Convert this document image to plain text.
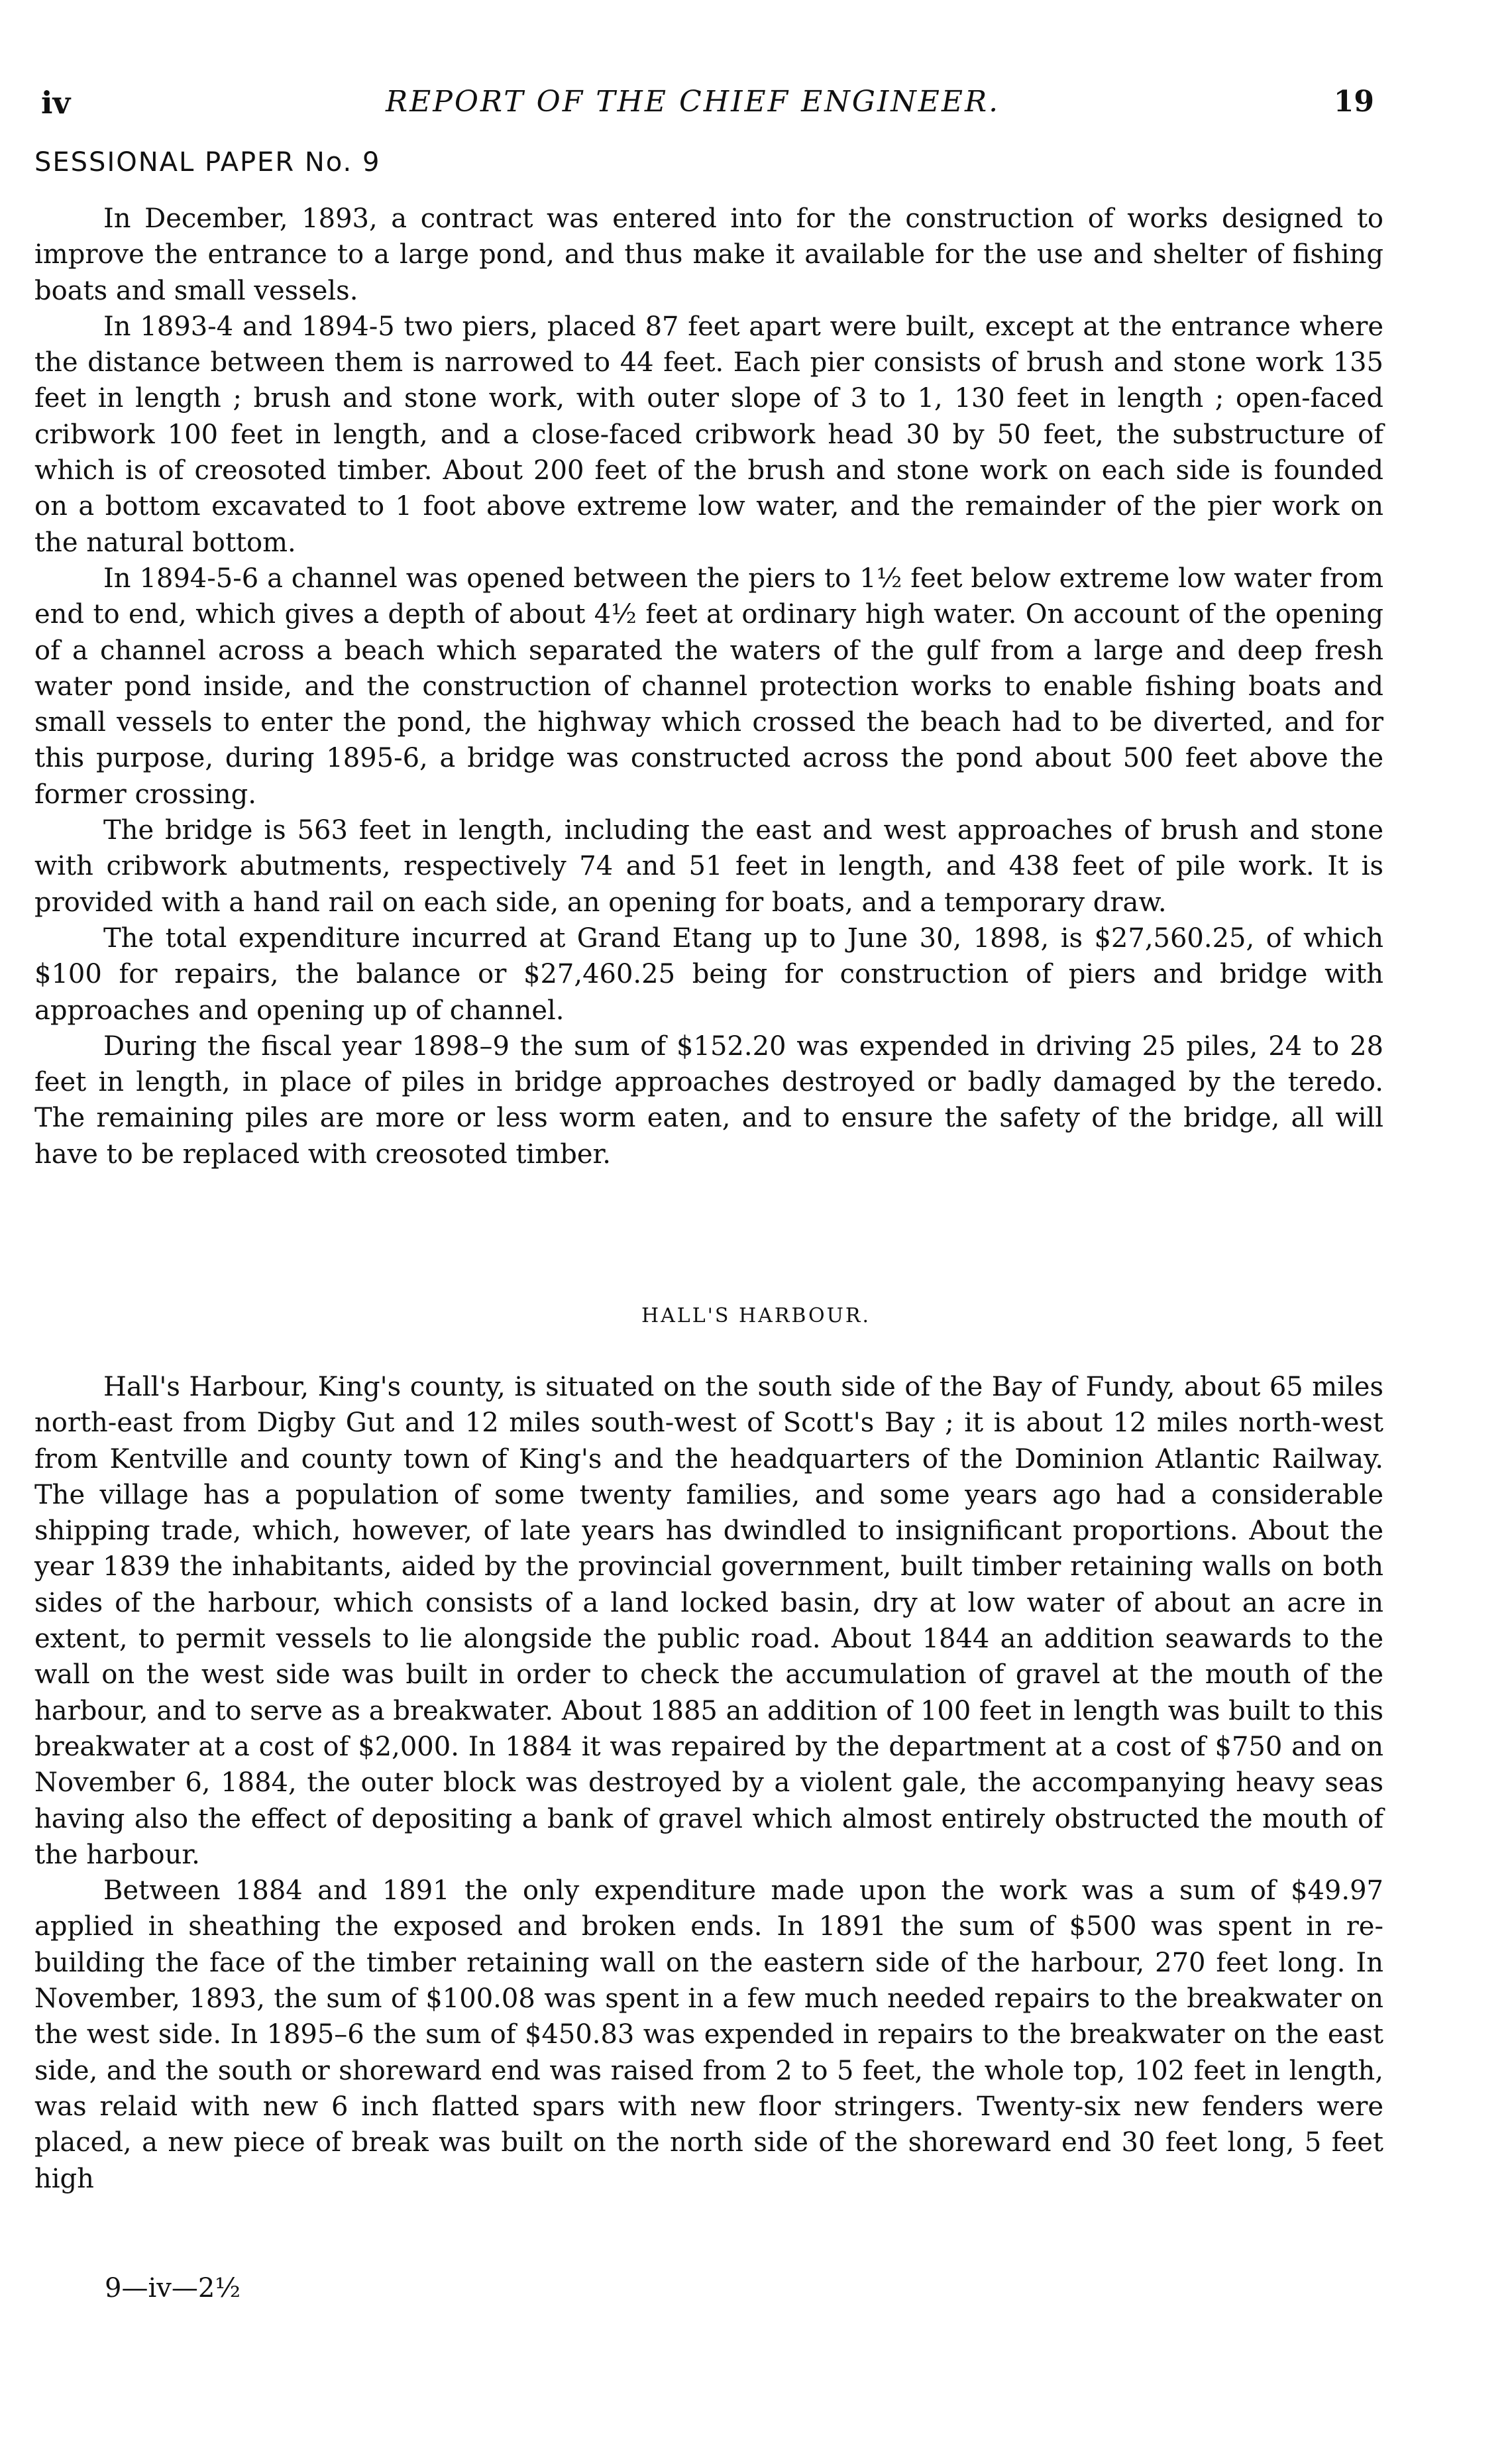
iv	REPORT OF THE CHIEF ENGINEER.	19
SESSIONAL PAPER No. 9

In December, 1893, a contract was entered into for the construction of works designed to improve the entrance to a large pond, and thus make it available for the use and shelter of fishing boats and small vessels.

In 1893-4 and 1894-5 two piers, placed 87 feet apart were built, except at the entrance where the distance between them is narrowed to 44 feet. Each pier consists of brush and stone work 135 feet in length ; brush and stone work, with outer slope of 3 to 1, 130 feet in length ; open-faced cribwork 100 feet in length, and a close-faced cribwork head 30 by 50 feet, the substructure of which is of creosoted timber. About 200 feet of the brush and stone work on each side is founded on a bottom excavated to 1 foot above extreme low water, and the remainder of the pier work on the natural bottom.

In 1894-5-6 a channel was opened between the piers to 1½ feet below extreme low water from end to end, which gives a depth of about 4½ feet at ordinary high water. On account of the opening of a channel across a beach which separated the waters of the gulf from a large and deep fresh water pond inside, and the construction of channel protection works to enable fishing boats and small vessels to enter the pond, the highway which crossed the beach had to be diverted, and for this purpose, during 1895-6, a bridge was constructed across the pond about 500 feet above the former crossing.

The bridge is 563 feet in length, including the east and west approaches of brush and stone with cribwork abutments, respectively 74 and 51 feet in length, and 438 feet of pile work. It is provided with a hand rail on each side, an opening for boats, and a temporary draw.

The total expenditure incurred at Grand Etang up to June 30, 1898, is $27,560.25, of which $100 for repairs, the balance or $27,460.25 being for construction of piers and bridge with approaches and opening up of channel.

During the fiscal year 1898–9 the sum of $152.20 was expended in driving 25 piles, 24 to 28 feet in length, in place of piles in bridge approaches destroyed or badly damaged by the teredo. The remaining piles are more or less worm eaten, and to ensure the safety of the bridge, all will have to be replaced with creosoted timber.

HALL'S HARBOUR.

Hall's Harbour, King's county, is situated on the south side of the Bay of Fundy, about 65 miles north-east from Digby Gut and 12 miles south-west of Scott's Bay ; it is about 12 miles north-west from Kentville and county town of King's and the headquarters of the Dominion Atlantic Railway. The village has a population of some twenty families, and some years ago had a considerable shipping trade, which, however, of late years has dwindled to insignificant proportions. About the year 1839 the inhabitants, aided by the provincial government, built timber retaining walls on both sides of the harbour, which consists of a land locked basin, dry at low water of about an acre in extent, to permit vessels to lie alongside the public road. About 1844 an addition seawards to the wall on the west side was built in order to check the accumulation of gravel at the mouth of the harbour, and to serve as a breakwater. About 1885 an addition of 100 feet in length was built to this breakwater at a cost of $2,000. In 1884 it was repaired by the department at a cost of $750 and on November 6, 1884, the outer block was destroyed by a violent gale, the accompanying heavy seas having also the effect of depositing a bank of gravel which almost entirely obstructed the mouth of the harbour.

Between 1884 and 1891 the only expenditure made upon the work was a sum of $49.97 applied in sheathing the exposed and broken ends. In 1891 the sum of $500 was spent in re-building the face of the timber retaining wall on the eastern side of the harbour, 270 feet long. In November, 1893, the sum of $100.08 was spent in a few much needed repairs to the breakwater on the west side. In 1895–6 the sum of $450.83 was expended in repairs to the breakwater on the east side, and the south or shoreward end was raised from 2 to 5 feet, the whole top, 102 feet in length, was relaid with new 6 inch flatted spars with new floor stringers. Twenty-six new fenders were placed, a new piece of break was built on the north side of the shoreward end 30 feet long, 5 feet high

9—iv—2½
